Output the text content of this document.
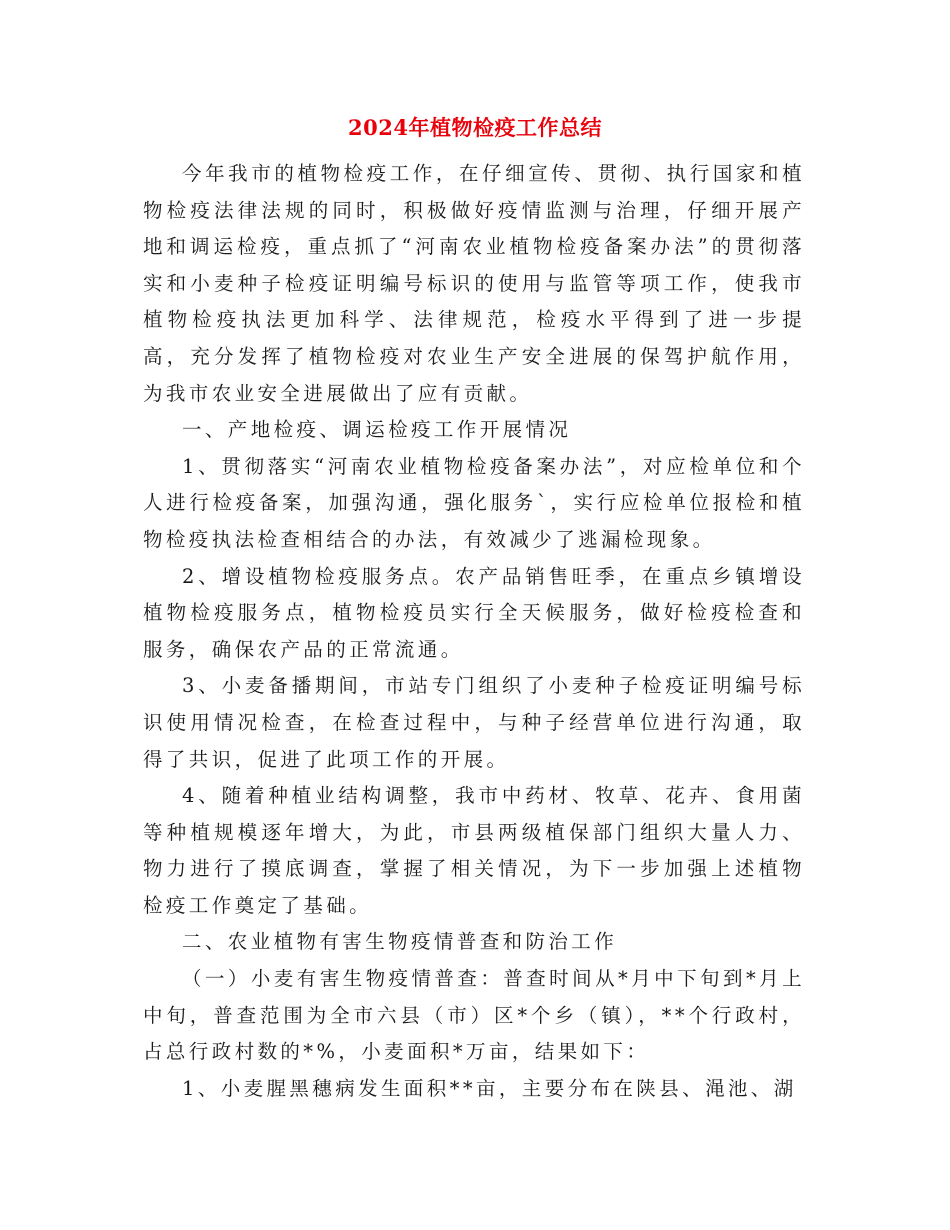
2024年植物检疫工作总结

今年我市的植物检疫工作，在仔细宣传、贯彻、执行国家和植物检疫法律法规的同时，积极做好疫情监测与治理，仔细开展产地和调运检疫，重点抓了“河南农业植物检疫备案办法”的贯彻落实和小麦种子检疫证明编号标识的使用与监管等项工作，使我市植物检疫执法更加科学、法律规范，检疫水平得到了进一步提高，充分发挥了植物检疫对农业生产安全进展的保驾护航作用，为我市农业安全进展做出了应有贡献。

一、产地检疫、调运检疫工作开展情况

1、贯彻落实“河南农业植物检疫备案办法”，对应检单位和个人进行检疫备案，加强沟通，强化服务`，实行应检单位报检和植物检疫执法检查相结合的办法，有效减少了逃漏检现象。

2、增设植物检疫服务点。农产品销售旺季，在重点乡镇增设植物检疫服务点，植物检疫员实行全天候服务，做好检疫检查和服务，确保农产品的正常流通。

3、小麦备播期间，市站专门组织了小麦种子检疫证明编号标识使用情况检查，在检查过程中，与种子经营单位进行沟通，取得了共识，促进了此项工作的开展。

4、随着种植业结构调整，我市中药材、牧草、花卉、食用菌等种植规模逐年增大，为此，市县两级植保部门组织大量人力、物力进行了摸底调查，掌握了相关情况，为下一步加强上述植物检疫工作奠定了基础。

二、农业植物有害生物疫情普查和防治工作

（一）小麦有害生物疫情普查：普查时间从*月中下旬到*月上中旬，普查范围为全市六县（市）区*个乡（镇），**个行政村，占总行政村数的*%，小麦面积*万亩，结果如下：

1、小麦腥黑穗病发生面积**亩，主要分布在陕县、渑池、湖
